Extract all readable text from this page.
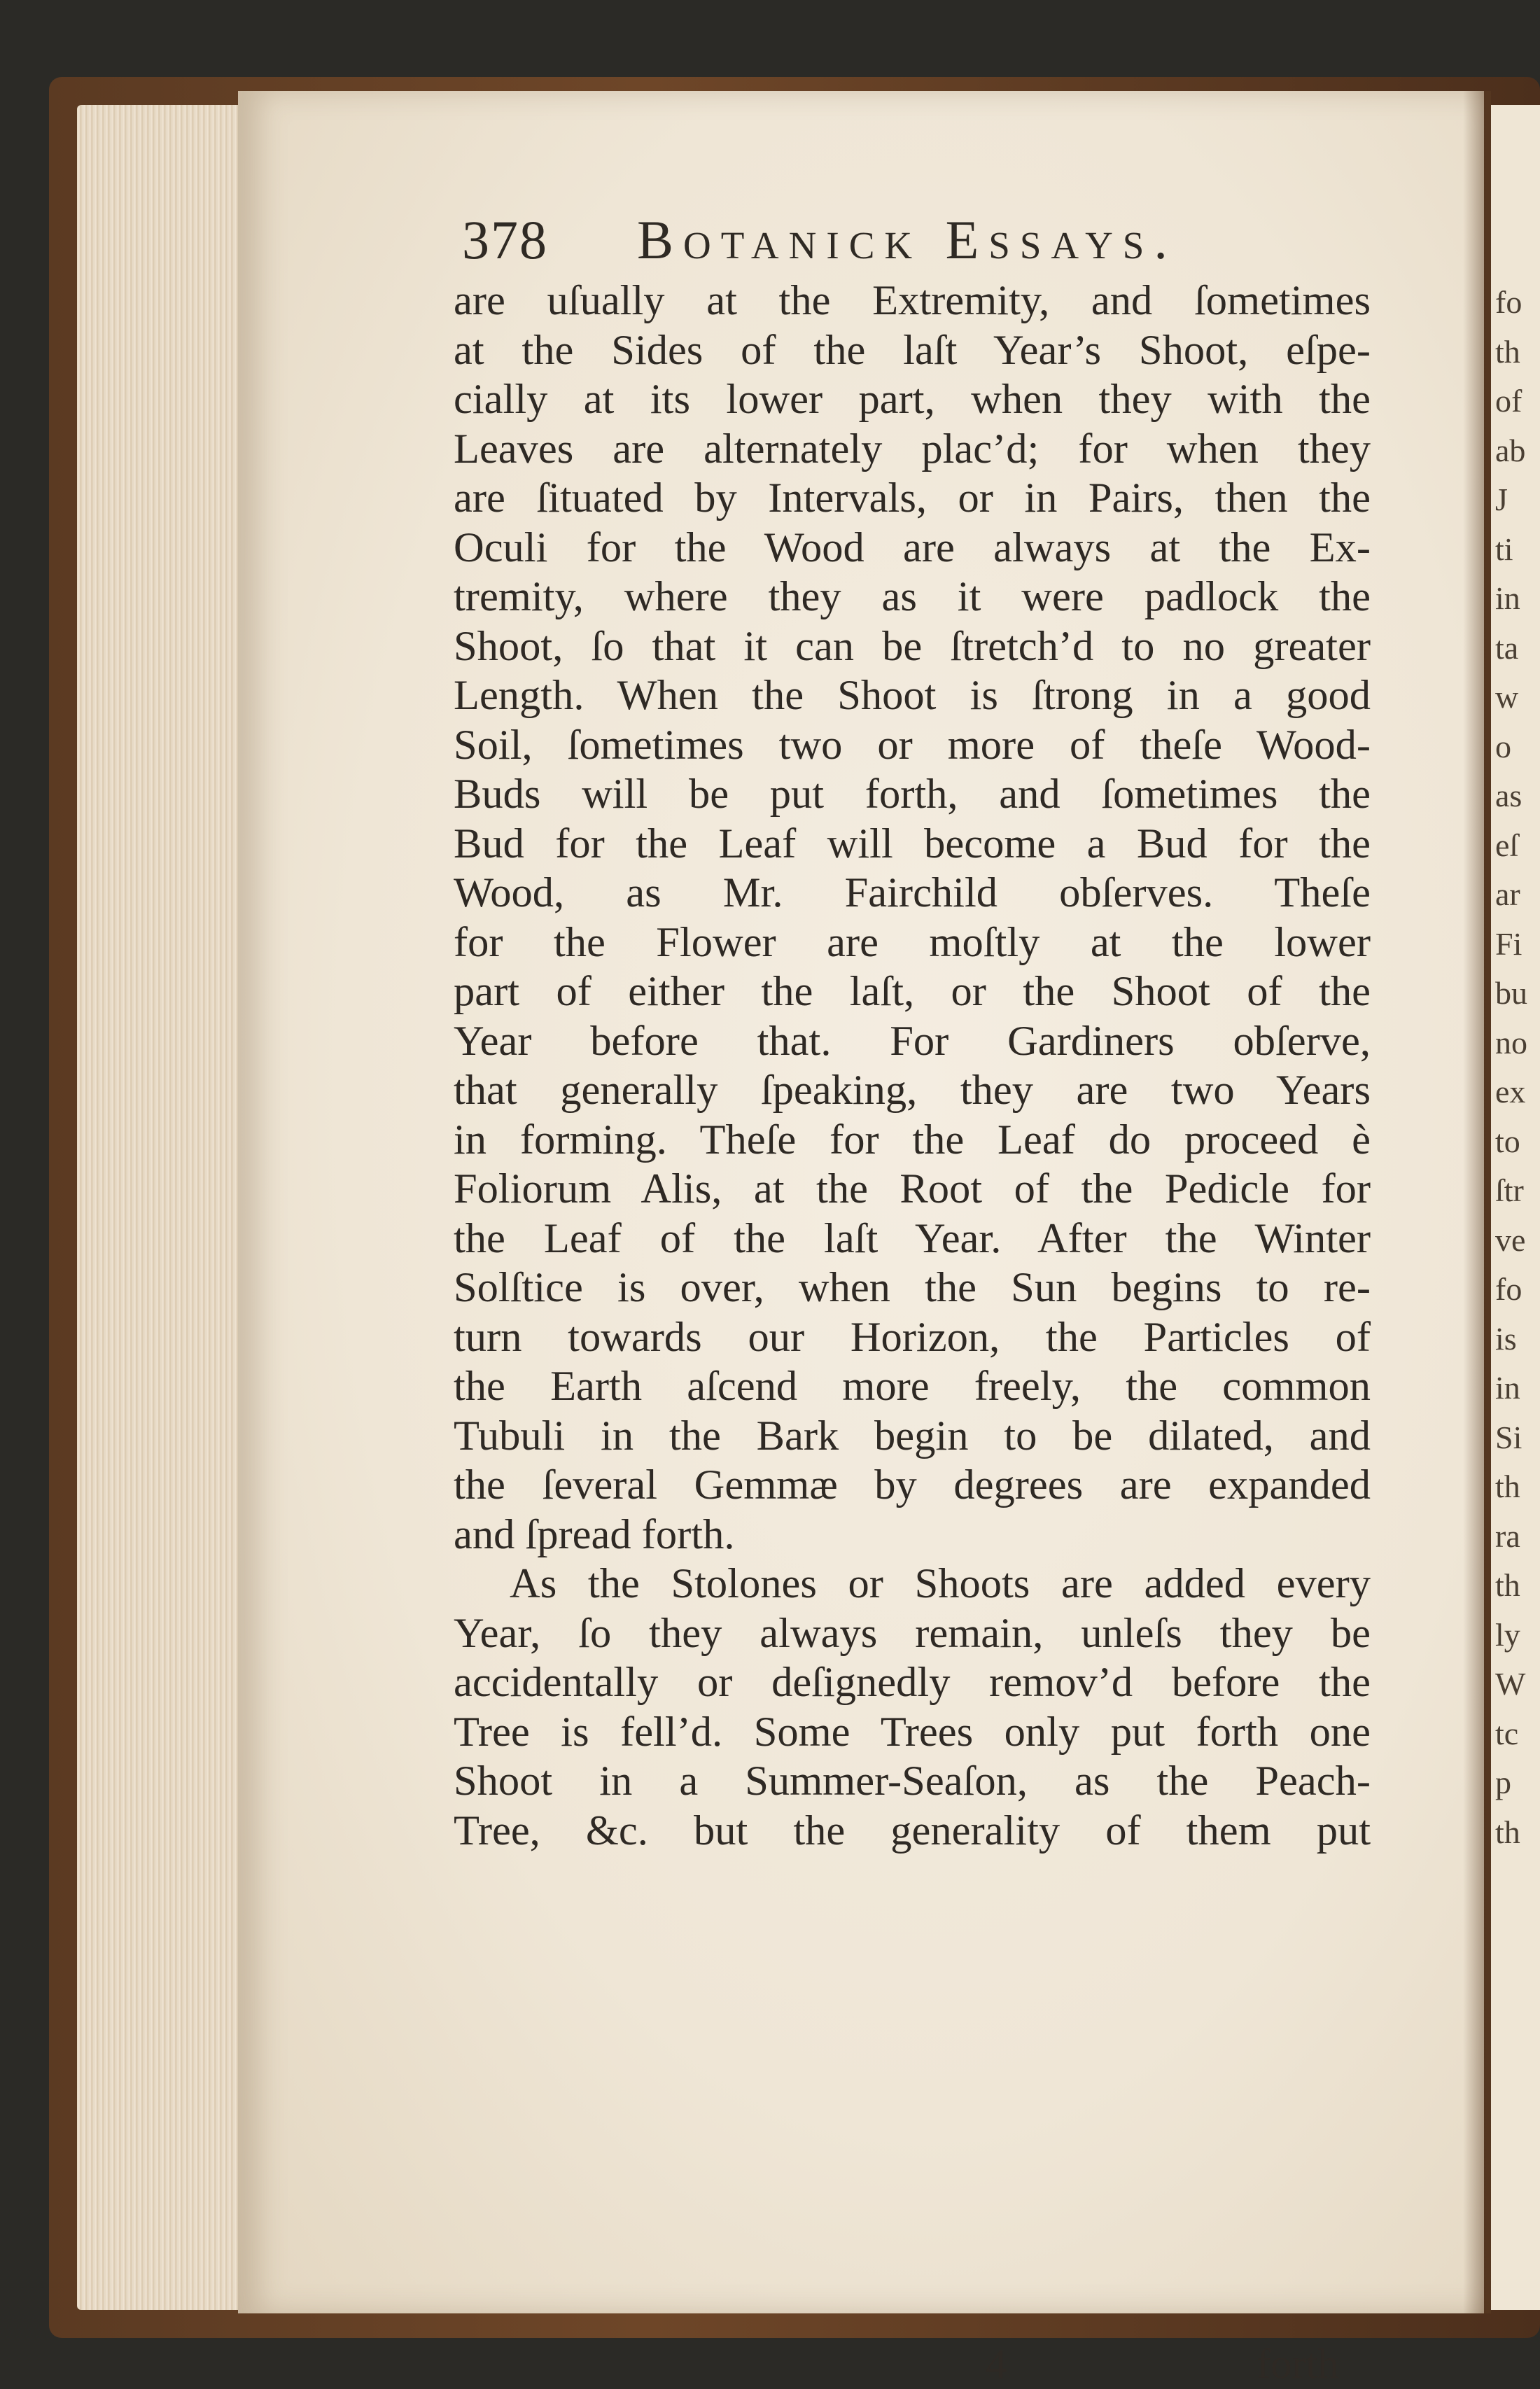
fo
th
of
ab
J
ti
in
ta
w
o
as
eſ
ar
Fi
bu
no
ex
to
ſtr
ve
fo
is
in
Si
th
ra
th
ly
W
tc
p
th
378 Botanick Essays.
are uſually at the Extremity, and ſometimes
at the Sides of the laſt Year’s Shoot, eſpe-
cially at its lower part, when they with the
Leaves are alternately plac’d; for when they
are ſituated by Intervals, or in Pairs, then the
Oculi for the Wood are always at the Ex-
tremity, where they as it were padlock the
Shoot, ſo that it can be ſtretch’d to no greater
Length. When the Shoot is ſtrong in a good
Soil, ſometimes two or more of theſe Wood-
Buds will be put forth, and ſometimes the
Bud for the Leaf will become a Bud for the
Wood, as Mr. Fairchild obſerves. Theſe
for the Flower are moſtly at the lower
part of either the laſt, or the Shoot of the
Year before that. For Gardiners obſerve,
that generally ſpeaking, they are two Years
in forming. Theſe for the Leaf do proceed è
Foliorum Alis, at the Root of the Pedicle for
the Leaf of the laſt Year. After the Winter
Solſtice is over, when the Sun begins to re-
turn towards our Horizon, the Particles of
the Earth aſcend more freely, the common
Tubuli in the Bark begin to be dilated, and
the ſeveral Gemmæ by degrees are expanded
and ſpread forth.
As the Stolones or Shoots are added every
Year, ſo they always remain, unleſs they be
accidentally or deſignedly remov’d before the
Tree is fell’d. Some Trees only put forth one
Shoot in a Summer-Seaſon, as the Peach-
Tree, &c. but the generality of them put
4	forth
